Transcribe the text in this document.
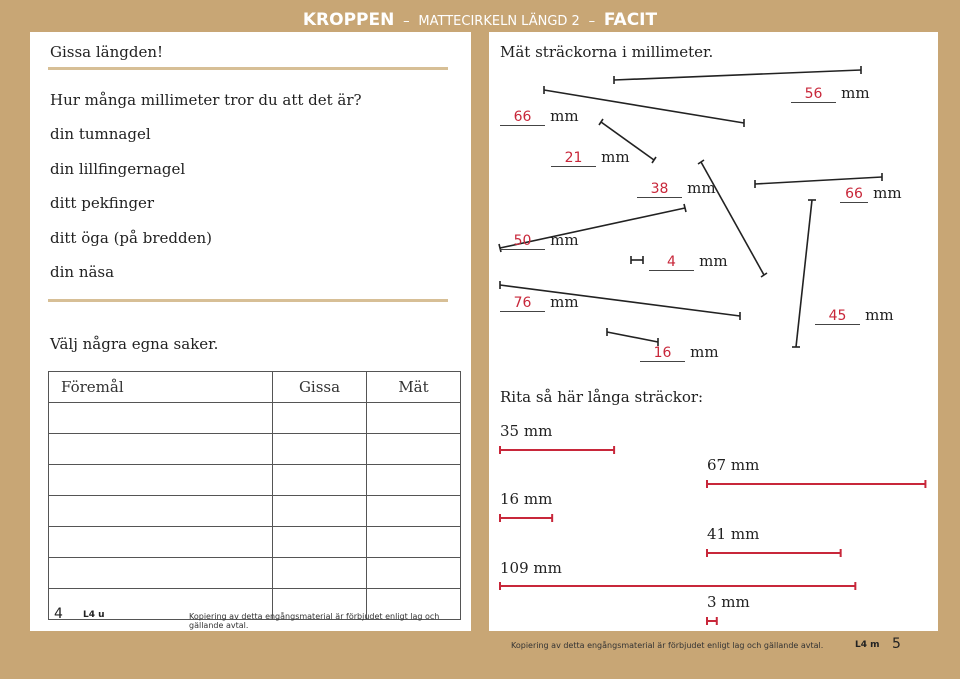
KROPPEN – MATTECIRKELN LÄNGD 2 – FACIT
Gissa längden!
Hur många millimeter tror du att det är?
din tumnagel
din lillfingernagel
ditt pekfinger
ditt öga (på bredden)
din näsa
Välj några egna saker.
Föremål	Gissa	Mät

4 L4 u	Kopiering av detta engångsmaterial är förbjudet enligt lag och gällande avtal.
Mät sträckorna i millimeter.
66 mm
21 mm
38 mm
56 mm
66 mm
50 mm
4 mm
76 mm
45 mm
16 mm
Rita så här långa sträckor:
35 mm
16 mm
109 mm
67 mm
41 mm
3 mm
Kopiering av detta engångsmaterial är förbjudet enligt lag och gällande avtal.	L4 m 5
